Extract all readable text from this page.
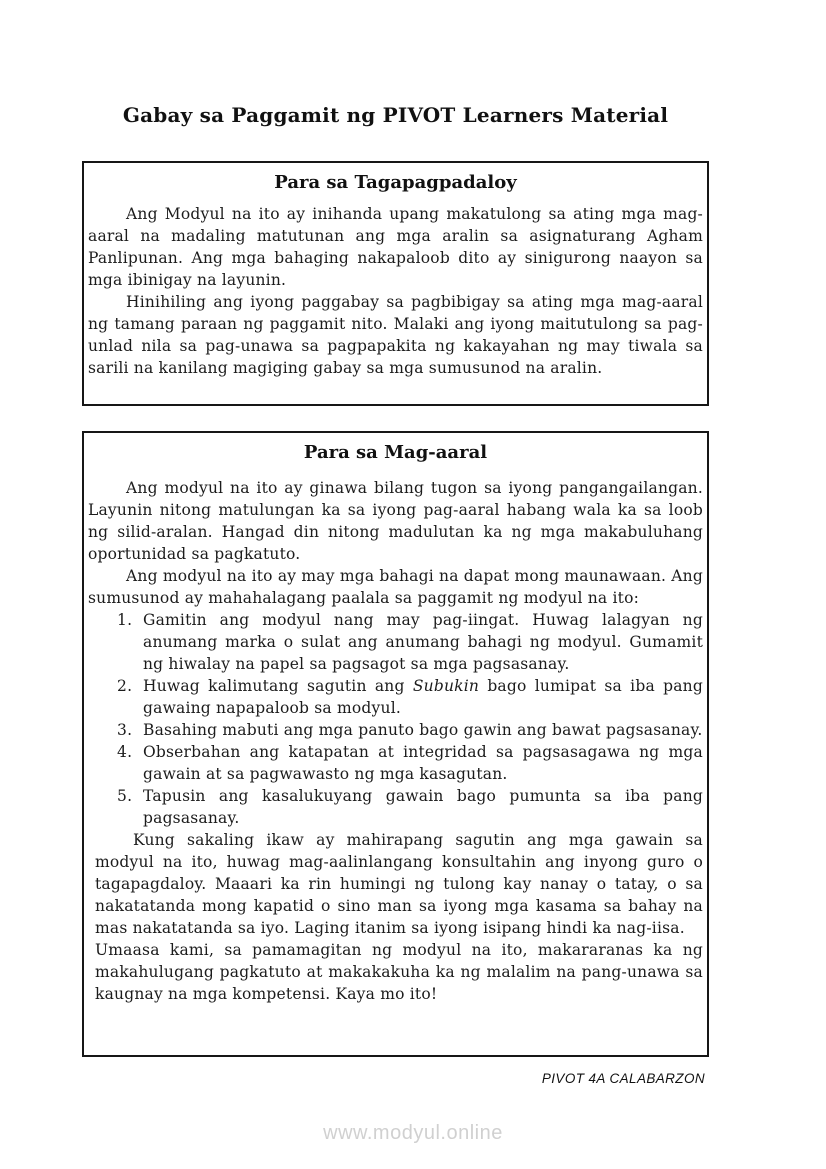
Gabay sa Paggamit ng PIVOT Learners Material
Para sa Tagapagpadaloy

Ang Modyul na ito ay inihanda upang makatulong sa ating mga mag-aaral na madaling matutunan ang mga aralin sa asignaturang Agham Panlipunan. Ang mga bahaging nakapaloob dito ay sinigurong naayon sa mga ibinigay na layunin.

Hinihiling ang iyong paggabay sa pagbibigay sa ating mga mag-aaral ng tamang paraan ng paggamit nito. Malaki ang iyong maitutulong sa pag-unlad nila sa pag-unawa sa pagpapakita ng kakayahan ng may tiwala sa sarili na kanilang magiging gabay sa mga sumusunod na aralin.

Para sa Mag-aaral

Ang modyul na ito ay ginawa bilang tugon sa iyong pangangailangan. Layunin nitong matulungan ka sa iyong pag-aaral habang wala ka sa loob ng silid-aralan. Hangad din nitong madulutan ka ng mga makabuluhang oportunidad sa pagkatuto.

Ang modyul na ito ay may mga bahagi na dapat mong maunawaan. Ang sumusunod ay mahahalagang paalala sa paggamit ng modyul na ito:

Gamitin ang modyul nang may pag-iingat. Huwag lalagyan ng anumang marka o sulat ang anumang bahagi ng modyul. Gumamit ng hiwalay na papel sa pagsagot sa mga pagsasanay.
Huwag kalimutang sagutin ang Subukin bago lumipat sa iba pang gawaing napapaloob sa modyul.
Basahing mabuti ang mga panuto bago gawin ang bawat pagsasanay.
Obserbahan ang katapatan at integridad sa pagsasagawa ng mga gawain at sa pagwawasto ng mga kasagutan.
Tapusin ang kasalukuyang gawain bago pumunta sa iba pang pagsasanay.

Kung sakaling ikaw ay mahirapang sagutin ang mga gawain sa modyul na ito, huwag mag-aalinlangang konsultahin ang inyong guro o tagapagdaloy. Maaari ka rin humingi ng tulong kay nanay o tatay, o sa nakatatanda mong kapatid o sino man sa iyong mga kasama sa bahay na mas nakatatanda sa iyo. Laging itanim sa iyong isipang hindi ka nag-iisa.

Umaasa kami, sa pamamagitan ng modyul na ito, makararanas ka ng makahulugang pagkatuto at makakakuha ka ng malalim na pang-unawa sa kaugnay na mga kompetensi. Kaya mo ito!

PIVOT 4A CALABARZON
www.modyul.online
